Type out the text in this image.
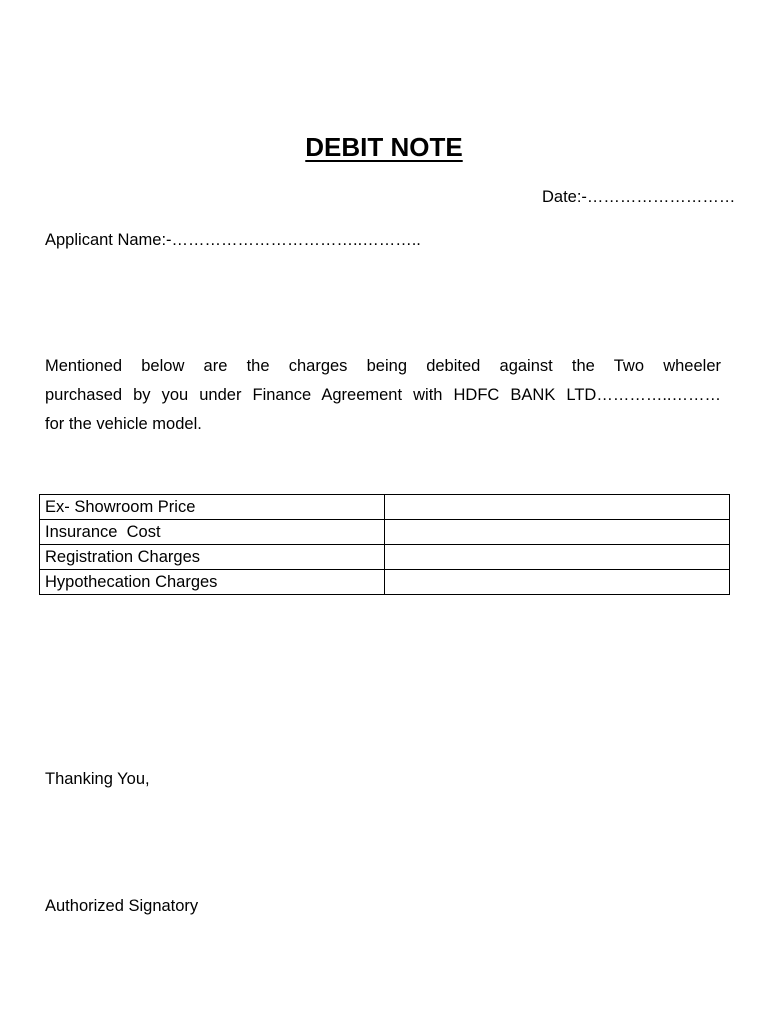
DEBIT NOTE
Date:-………………………
Applicant Name:-……………………………..………..
Mentioned below are the charges being debited against the Two wheeler
purchased by you under Finance Agreement with HDFC BANK LTD…………..………
for the vehicle model.
Ex- Showroom Price	
Insurance  Cost	
Registration Charges	
Hypothecation Charges	
Thanking You,
Authorized Signatory
